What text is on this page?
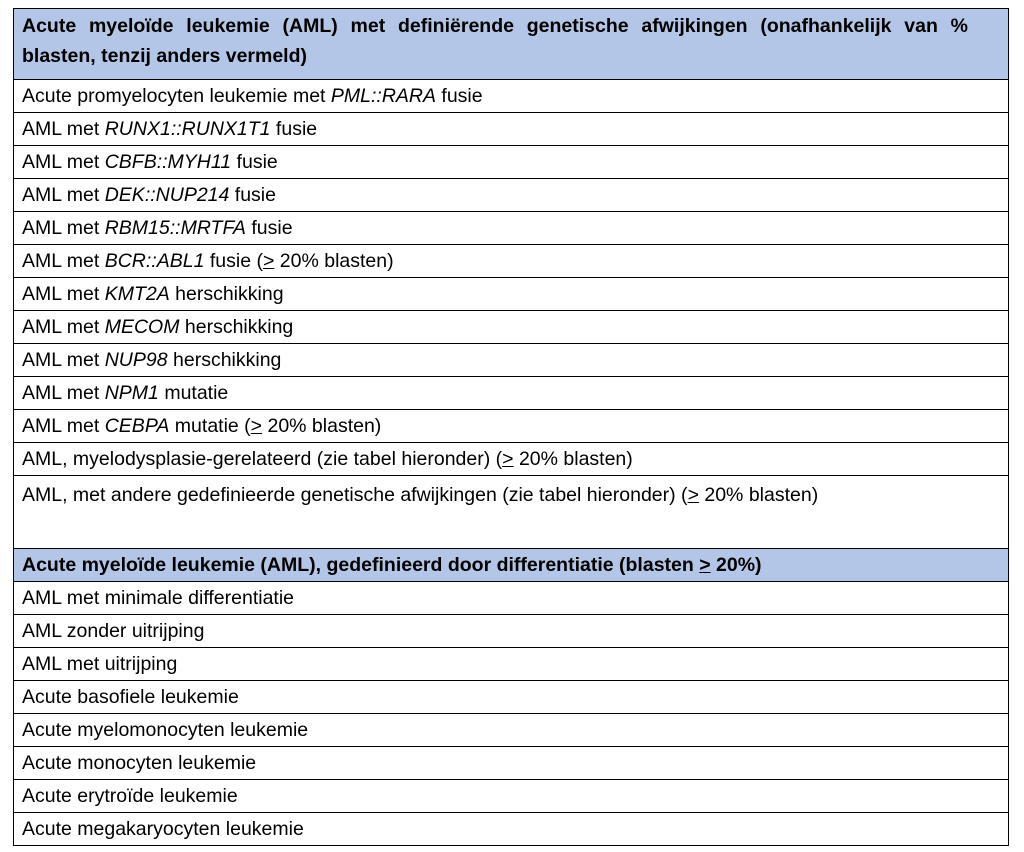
Acute myeloïde leukemie (AML) met definiërende genetische afwijkingen (onafhankelijk van % blasten, tenzij anders vermeld)
Acute promyelocyten leukemie met PML::RARA fusie
AML met RUNX1::RUNX1T1 fusie
AML met CBFB::MYH11 fusie
AML met DEK::NUP214 fusie
AML met RBM15::MRTFA fusie
AML met BCR::ABL1 fusie (≥ 20% blasten)
AML met KMT2A herschikking
AML met MECOM herschikking
AML met NUP98 herschikking
AML met NPM1 mutatie
AML met CEBPA mutatie (≥ 20% blasten)
AML, myelodysplasie-gerelateerd (zie tabel hieronder) (≥ 20% blasten)
AML, met andere gedefinieerde genetische afwijkingen (zie tabel hieronder) (≥ 20% blasten)
Acute myeloïde leukemie (AML), gedefinieerd door differentiatie (blasten ≥ 20%)
AML met minimale differentiatie
AML zonder uitrijping
AML met uitrijping
Acute basofiele leukemie
Acute myelomonocyten leukemie
Acute monocyten leukemie
Acute erytroïde leukemie
Acute megakaryocyten leukemie
